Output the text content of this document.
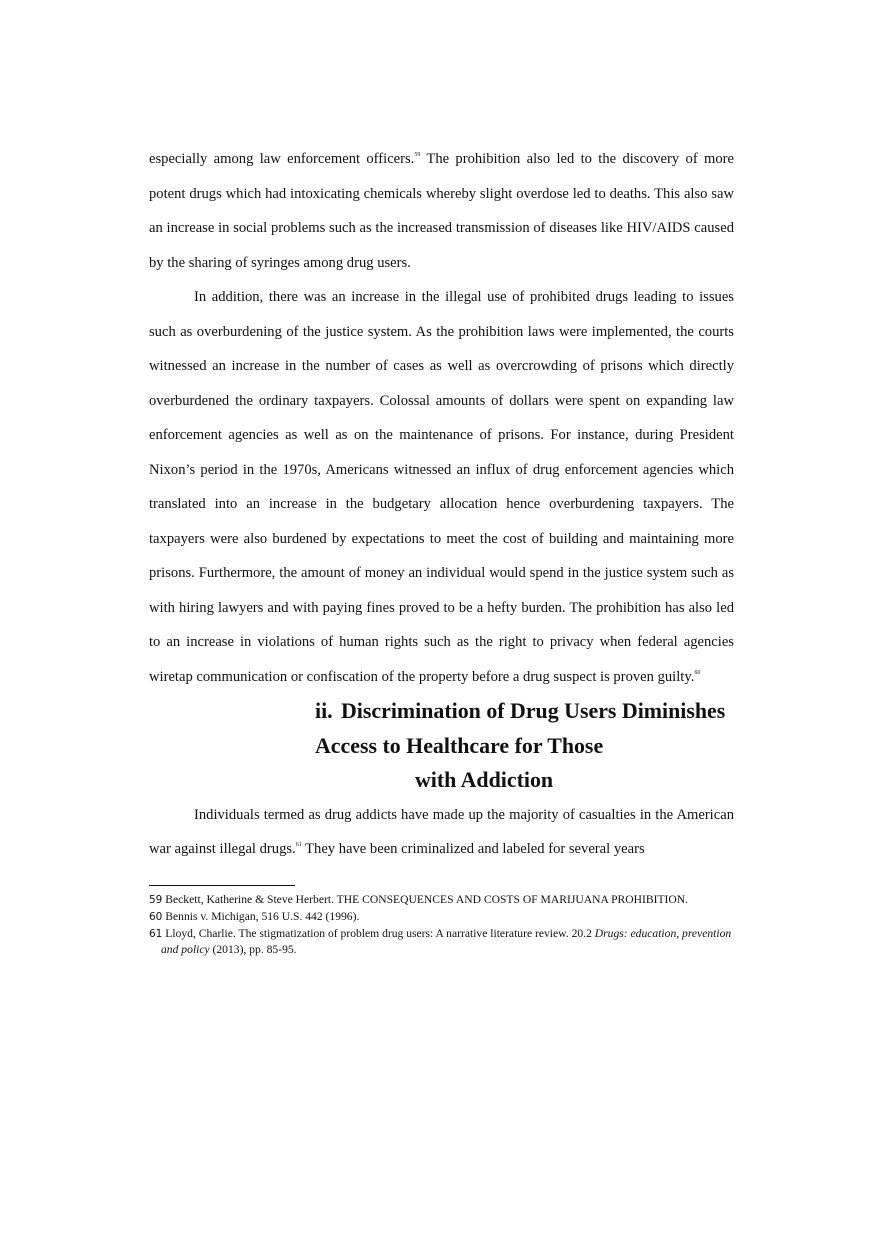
especially among law enforcement officers.$^{59}$ The prohibition also led to the discovery of more potent drugs which had intoxicating chemicals whereby slight overdose led to deaths. This also saw an increase in social problems such as the increased transmission of diseases like HIV/AIDS caused by the sharing of syringes among drug users.

In addition, there was an increase in the illegal use of prohibited drugs leading to issues such as overburdening of the justice system. As the prohibition laws were implemented, the courts witnessed an increase in the number of cases as well as overcrowding of prisons which directly overburdened the ordinary taxpayers. Colossal amounts of dollars were spent on expanding law enforcement agencies as well as on the maintenance of prisons. For instance, during President Nixon’s period in the 1970s, Americans witnessed an influx of drug enforcement agencies which translated into an increase in the budgetary allocation hence overburdening taxpayers. The taxpayers were also burdened by expectations to meet the cost of building and maintaining more prisons. Furthermore, the amount of money an individual would spend in the justice system such as with hiring lawyers and with paying fines proved to be a hefty burden. The prohibition has also led to an increase in violations of human rights such as the right to privacy when federal agencies wiretap communication or confiscation of the property before a drug suspect is proven guilty.$^{60}$

ii. Discrimination of Drug Users Diminishes Access to Healthcare for Those
with Addiction

Individuals termed as drug addicts have made up the majority of casualties in the American war against illegal drugs.$^{61}$ They have been criminalized and labeled for several years

59 Beckett, Katherine & Steve Herbert. THE CONSEQUENCES AND COSTS OF MARIJUANA PROHIBITION.

60 Bennis v. Michigan, 516 U.S. 442 (1996).

61 Lloyd, Charlie. The stigmatization of problem drug users: A narrative literature review. 20.2 Drugs: education, prevention and policy (2013), pp. 85-95.
